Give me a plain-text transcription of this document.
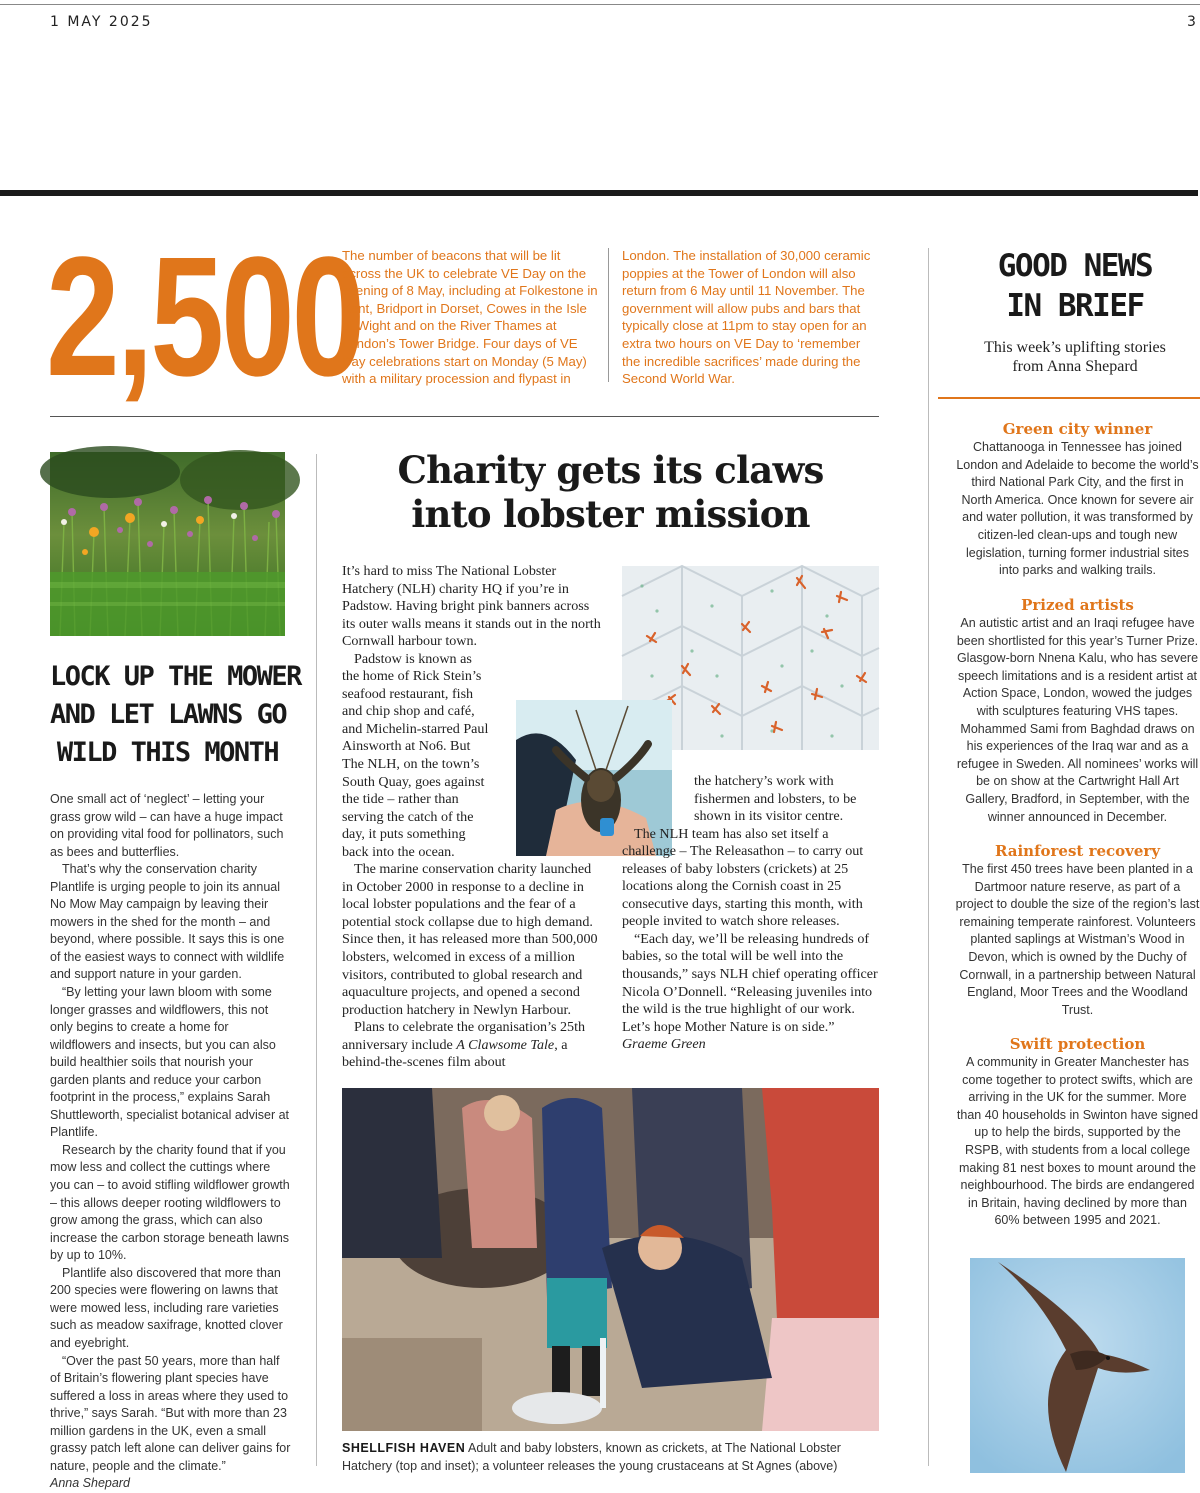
1 MAY 2025	3
2,500
The number of beacons that will be lit across the UK to celebrate VE Day on the evening of 8 May, including at Folkestone in Kent, Bridport in Dorset, Cowes in the Isle of Wight and on the River Thames at London’s Tower Bridge. Four days of VE Day celebrations start on Monday (5 May) with a military procession and flypast in
London. The installation of 30,000 ceramic poppies at the Tower of London will also return from 6 May until 11 November. The government will allow pubs and bars that typically close at 11pm to stay open for an extra two hours on VE Day to ‘remember the incredible sacrifices’ made during the Second World War.
LOCK UP THE MOWER
AND LET LAWNS GO
WILD THIS MONTH

One small act of ‘neglect’ – letting your grass grow wild – can have a huge impact on providing vital food for pollinators, such as bees and butterflies.

That’s why the conservation charity Plantlife is urging people to join its annual No Mow May campaign by leaving their mowers in the shed for the month – and beyond, where possible. It says this is one of the easiest ways to connect with wildlife and support nature in your garden.

“By letting your lawn bloom with some longer grasses and wildflowers, this not only begins to create a home for wildflowers and insects, but you can also build healthier soils that nourish your garden plants and reduce your carbon footprint in the process,” explains Sarah Shuttleworth, specialist botanical adviser at Plantlife.

Research by the charity found that if you mow less and collect the cuttings where you can – to avoid stifling wildflower growth – this allows deeper rooting wildflowers to grow among the grass, which can also increase the carbon storage beneath lawns by up to 10%.

Plantlife also discovered that more than 200 species were flowering on lawns that were mowed less, including rare varieties such as meadow saxifrage, knotted clover and eyebright.

“Over the past 50 years, more than half of Britain’s flowering plant species have suffered a loss in areas where they used to thrive,” says Sarah. “But with more than 23 million gardens in the UK, even a small grassy patch left alone can deliver gains for nature, people and the climate.”

Anna Shepard

Charity gets its claws
into lobster mission

It’s hard to miss The National Lobster Hatchery (NLH) charity HQ if you’re in Padstow. Having bright pink banners across its outer walls means it stands out in the north Cornwall harbour town.

Padstow is known as the home of Rick Stein’s seafood restaurant, fish and chip shop and café, and Michelin-starred Paul Ainsworth at No6. But The NLH, on the town’s South Quay, goes against the tide – rather than serving the catch of the day, it puts something back into the ocean.

The marine conservation charity launched in October 2000 in response to a decline in local lobster populations and the fear of a potential stock collapse due to high demand. Since then, it has released more than 500,000 lobsters, welcomed in excess of a million visitors, contributed to global research and aquaculture projects, and opened a second production hatchery in Newlyn Harbour.

Plans to celebrate the organisation’s 25th anniversary include A Clawsome Tale, a behind-the-scenes film about

the hatchery’s work with fishermen and lobsters, to be shown in its visitor centre.

The NLH team has also set itself a challenge – The Releasathon – to carry out releases of baby lobsters (crickets) at 25 locations along the Cornish coast in 25 consecutive days, starting this month, with people invited to watch shore releases.

“Each day, we’ll be releasing hundreds of babies, so the total will be well into the thousands,” says NLH chief operating officer Nicola O’Donnell. “Releasing juveniles into the wild is the true highlight of our work. Let’s hope Mother Nature is on side.” Graeme Green

SHELLFISH HAVEN Adult and baby lobsters, known as crickets, at The National Lobster Hatchery (top and inset); a volunteer releases the young crustaceans at St Agnes (above)
GOOD NEWS
IN BRIEF
This week’s uplifting stories
from Anna Shepard
Green city winner
Chattanooga in Tennessee has joined London and Adelaide to become the world’s third National Park City, and the first in North America. Once known for severe air and water pollution, it was transformed by citizen-led clean-ups and tough new legislation, turning former industrial sites into parks and walking trails.
Prized artists
An autistic artist and an Iraqi refugee have been shortlisted for this year’s Turner Prize. Glasgow-born Nnena Kalu, who has severe speech limitations and is a resident artist at Action Space, London, wowed the judges with sculptures featuring VHS tapes. Mohammed Sami from Baghdad draws on his experiences of the Iraq war and as a refugee in Sweden. All nominees’ works will be on show at the Cartwright Hall Art Gallery, Bradford, in September, with the winner announced in December.
Rainforest recovery
The first 450 trees have been planted in a Dartmoor nature reserve, as part of a project to double the size of the region’s last remaining temperate rainforest. Volunteers planted saplings at Wistman’s Wood in Devon, which is owned by the Duchy of Cornwall, in a partnership between Natural England, Moor Trees and the Woodland Trust.
Swift protection
A community in Greater Manchester has come together to protect swifts, which are arriving in the UK for the summer. More than 40 households in Swinton have signed up to help the birds, supported by the RSPB, with students from a local college making 81 nest boxes to mount around the neighbourhood. The birds are endangered in Britain, having declined by more than 60% between 1995 and 2021.
